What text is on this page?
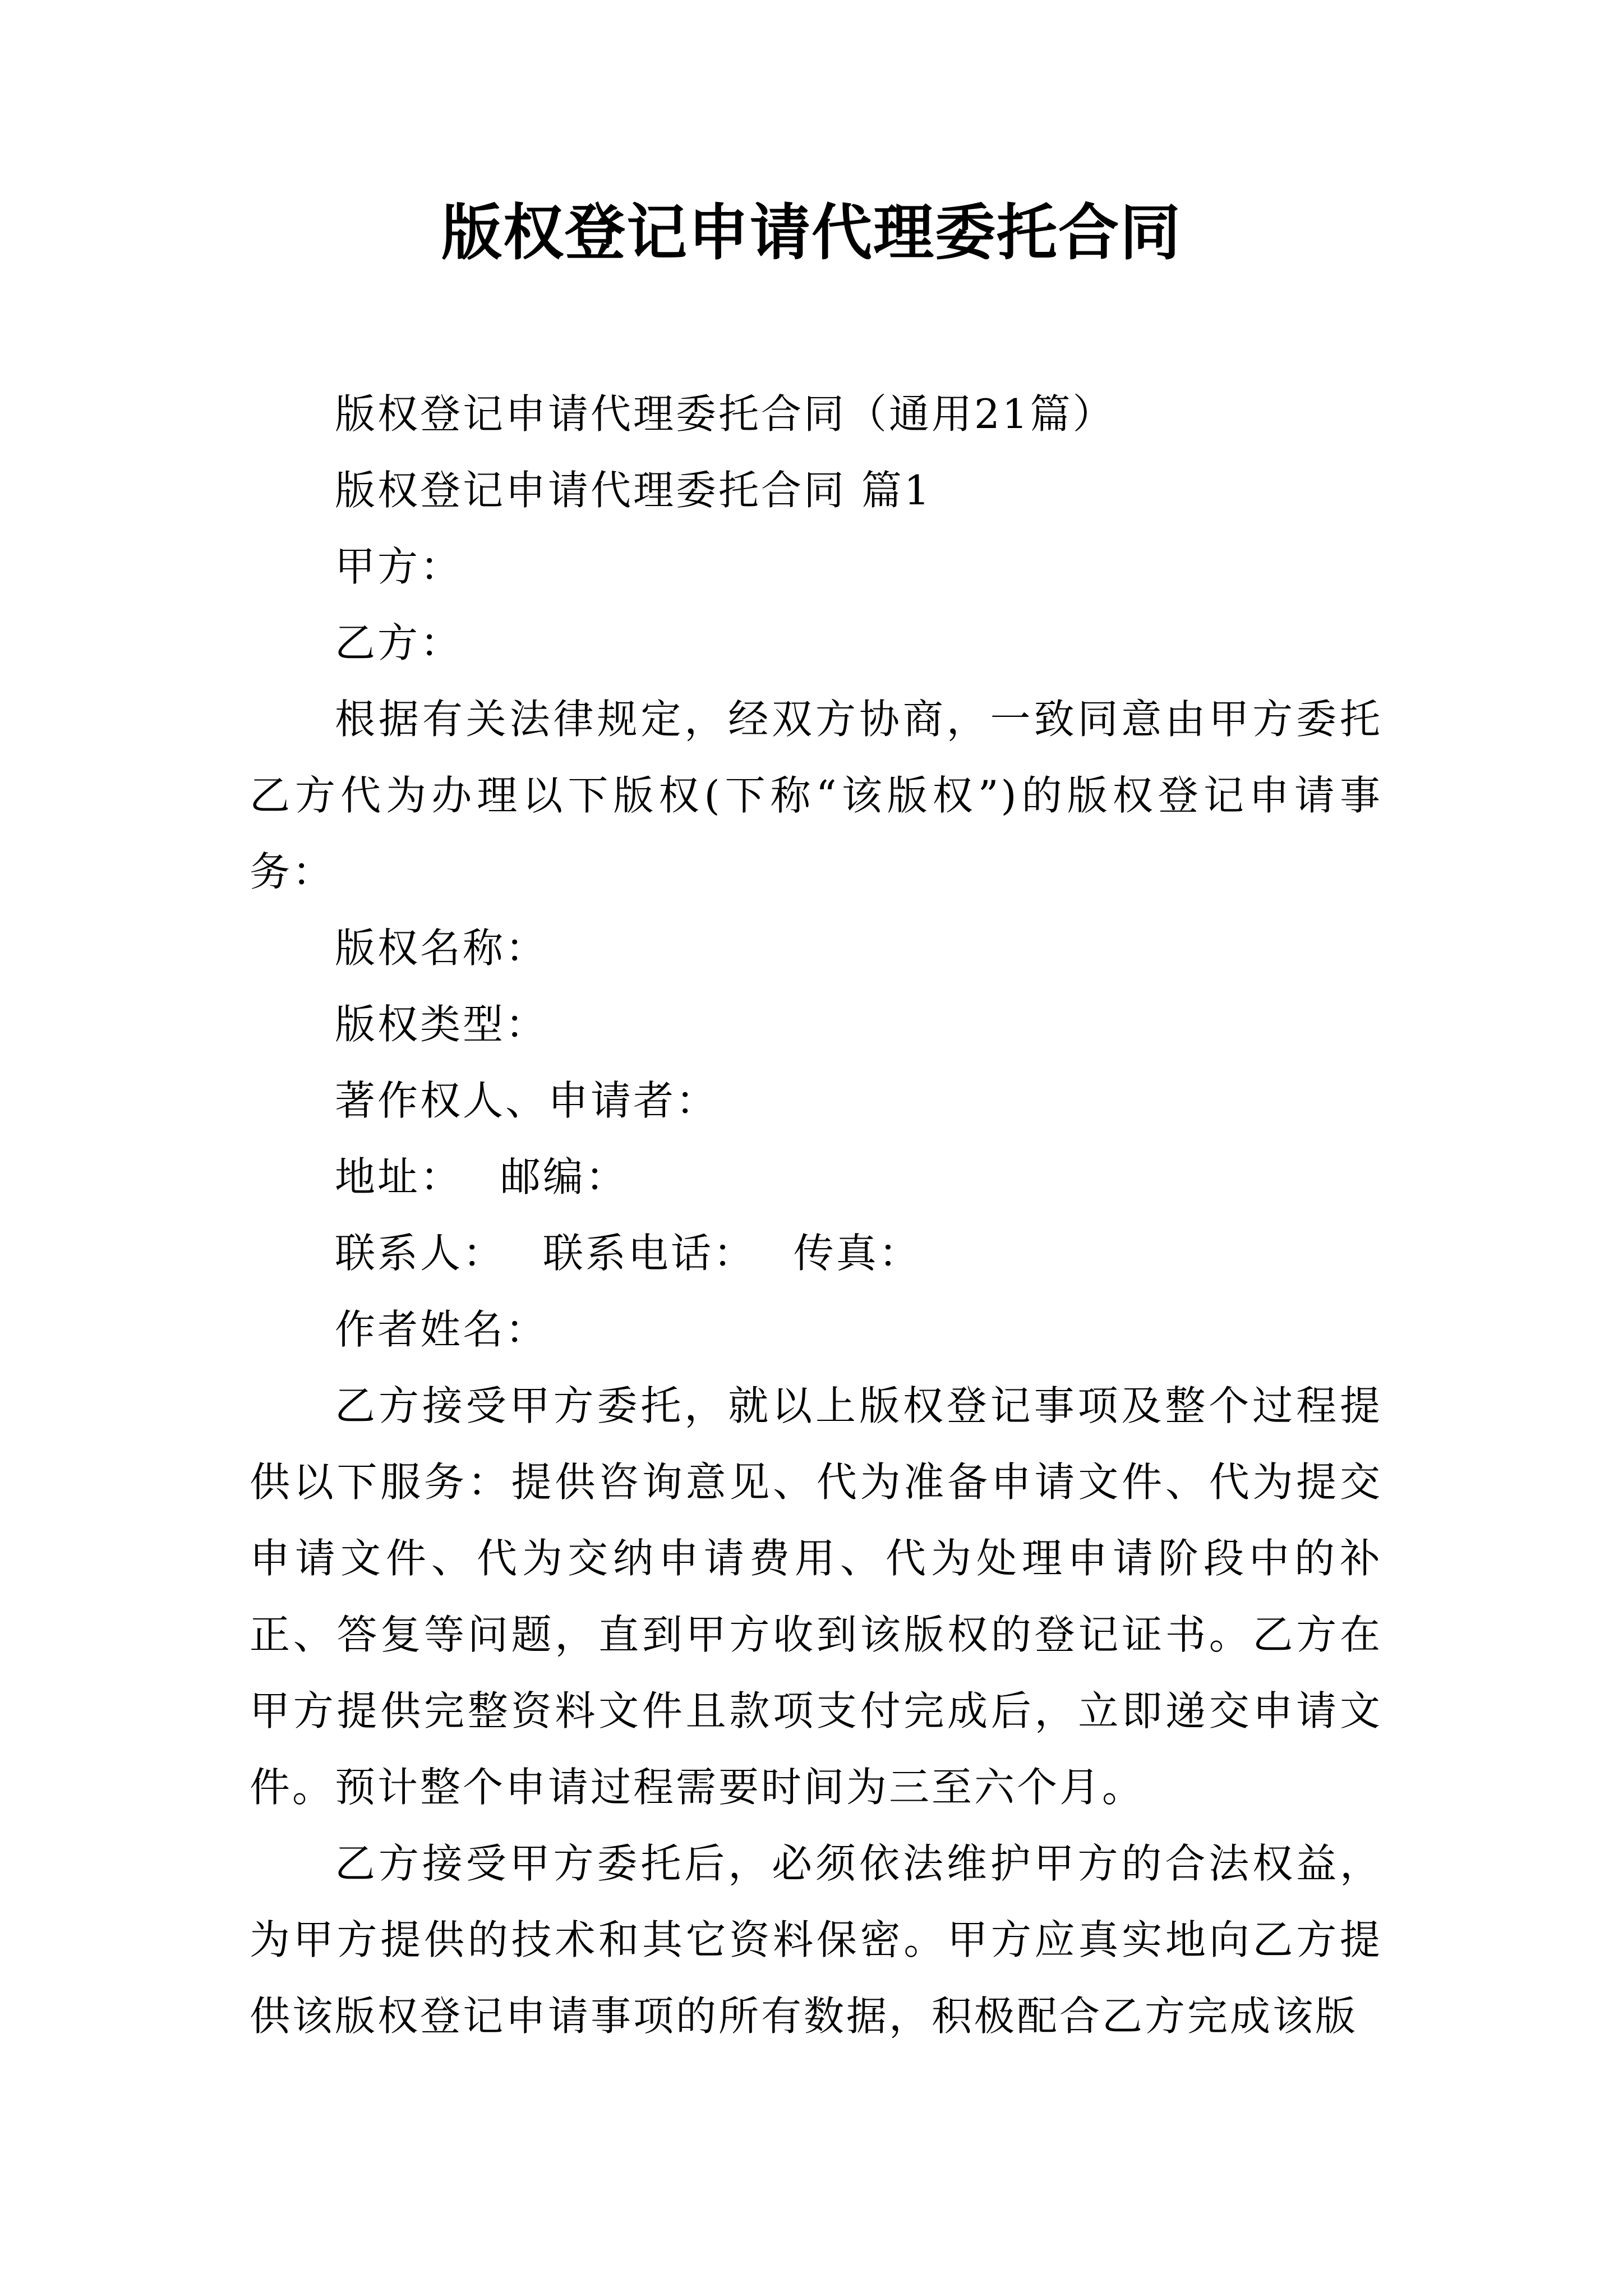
版权登记申请代理委托合同

版权登记申请代理委托合同（通用21篇）

版权登记申请代理委托合同 篇1

甲方：

乙方：

根据有关法律规定，经双方协商，一致同意由甲方委托乙方代为办理以下版权(下称“该版权”)的版权登记申请事务：

版权名称：

版权类型：

著作权人、申请者：

地址：　 邮编：

联系人：　 联系电话：　 传真：

作者姓名：

乙方接受甲方委托，就以上版权登记事项及整个过程提供以下服务：提供咨询意见、代为准备申请文件、代为提交申请文件、代为交纳申请费用、代为处理申请阶段中的补正、答复等问题，直到甲方收到该版权的登记证书。乙方在甲方提供完整资料文件且款项支付完成后，立即递交申请文件。预计整个申请过程需要时间为三至六个月。

乙方接受甲方委托后，必须依法维护甲方的合法权益，为甲方提供的技术和其它资料保密。甲方应真实地向乙方提供该版权登记申请事项的所有数据，积极配合乙方完成该版
